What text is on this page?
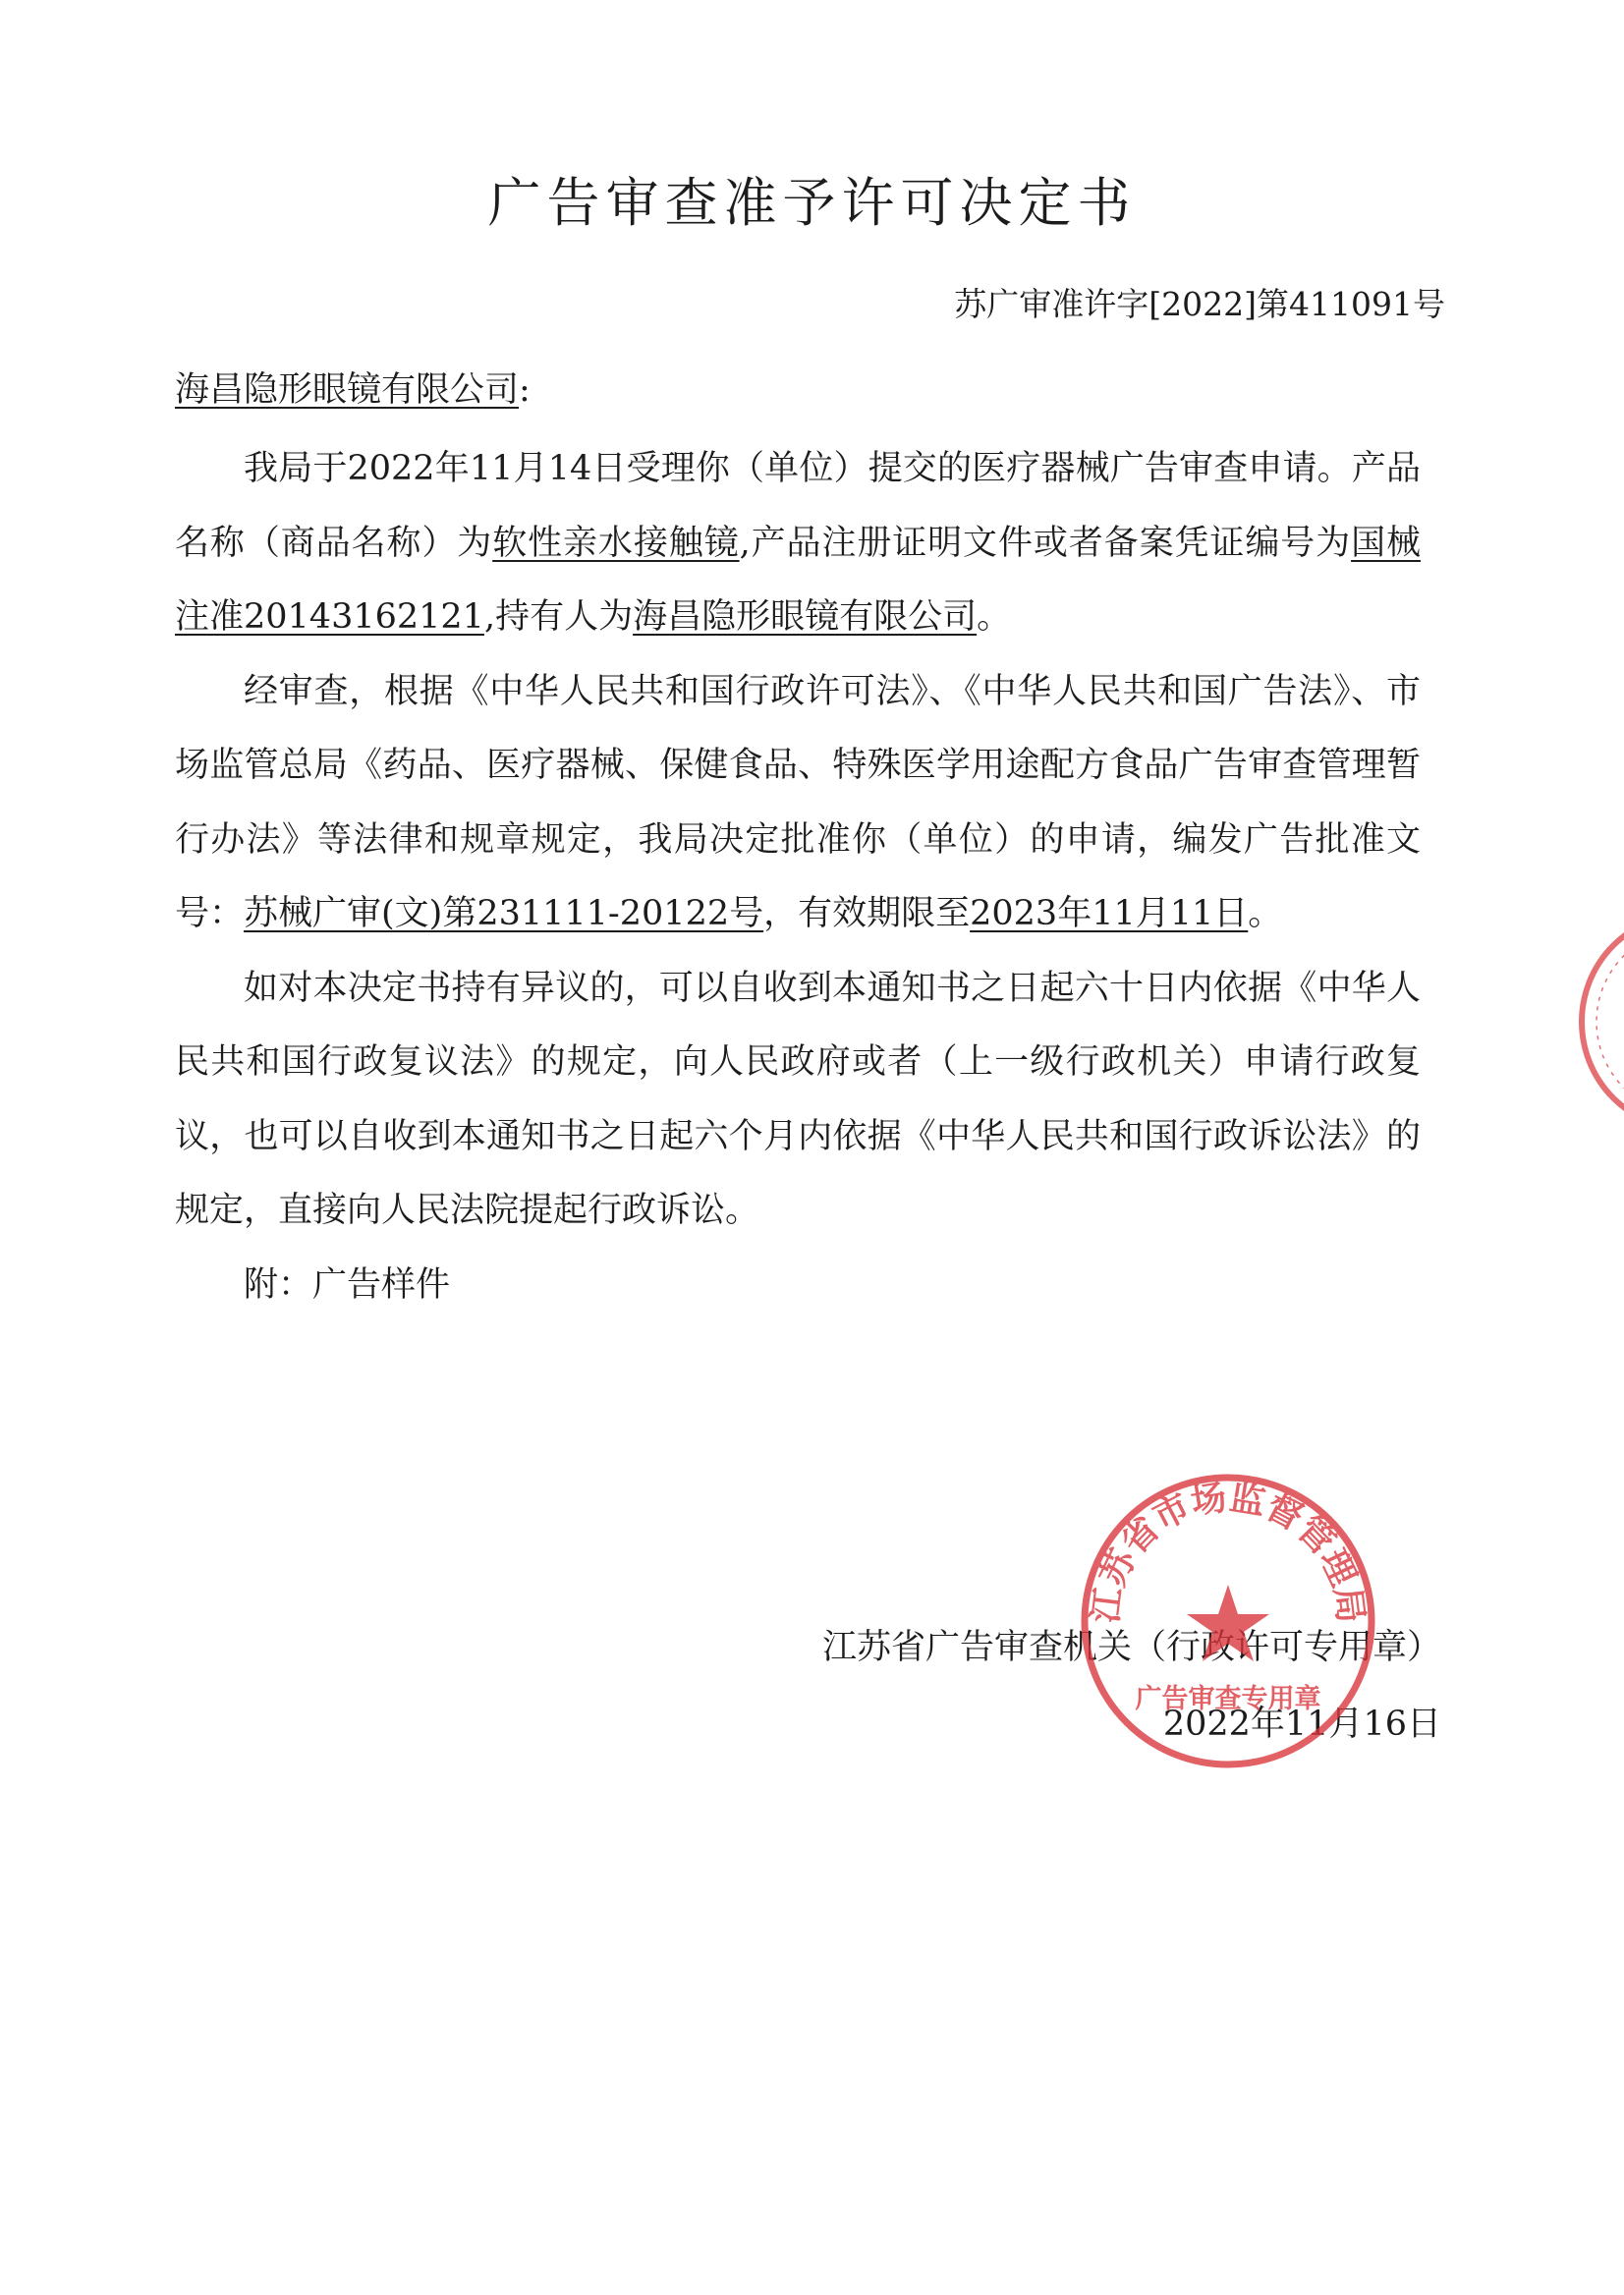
广告审查准予许可决定书
苏广审准许字[2022]第411091号
海昌隐形眼镜有限公司:

我局于2022年11月14日受理你（单位）提交的医疗器械广告审查申请。产品名称（商品名称）为软性亲水接触镜,产品注册证明文件或者备案凭证编号为国械注准20143162121,持有人为海昌隐形眼镜有限公司。

经审查，根据《中华人民共和国行政许可法》、《中华人民共和国广告法》、市场监管总局《药品、医疗器械、保健食品、特殊医学用途配方食品广告审查管理暂行办法》等法律和规章规定，我局决定批准你（单位）的申请，编发广告批准文号：苏械广审(文)第231111-20122号，有效期限至2023年11月11日。

如对本决定书持有异议的，可以自收到本通知书之日起六十日内依据《中华人民共和国行政复议法》的规定，向人民政府或者（上一级行政机关）申请行政复议，也可以自收到本通知书之日起六个月内依据《中华人民共和国行政诉讼法》的规定，直接向人民法院提起行政诉讼。

附：广告样件

江苏省广告审查机关（行政许可专用章）
2022年11月16日
江苏省市场监督管理局
广告审查专用章
